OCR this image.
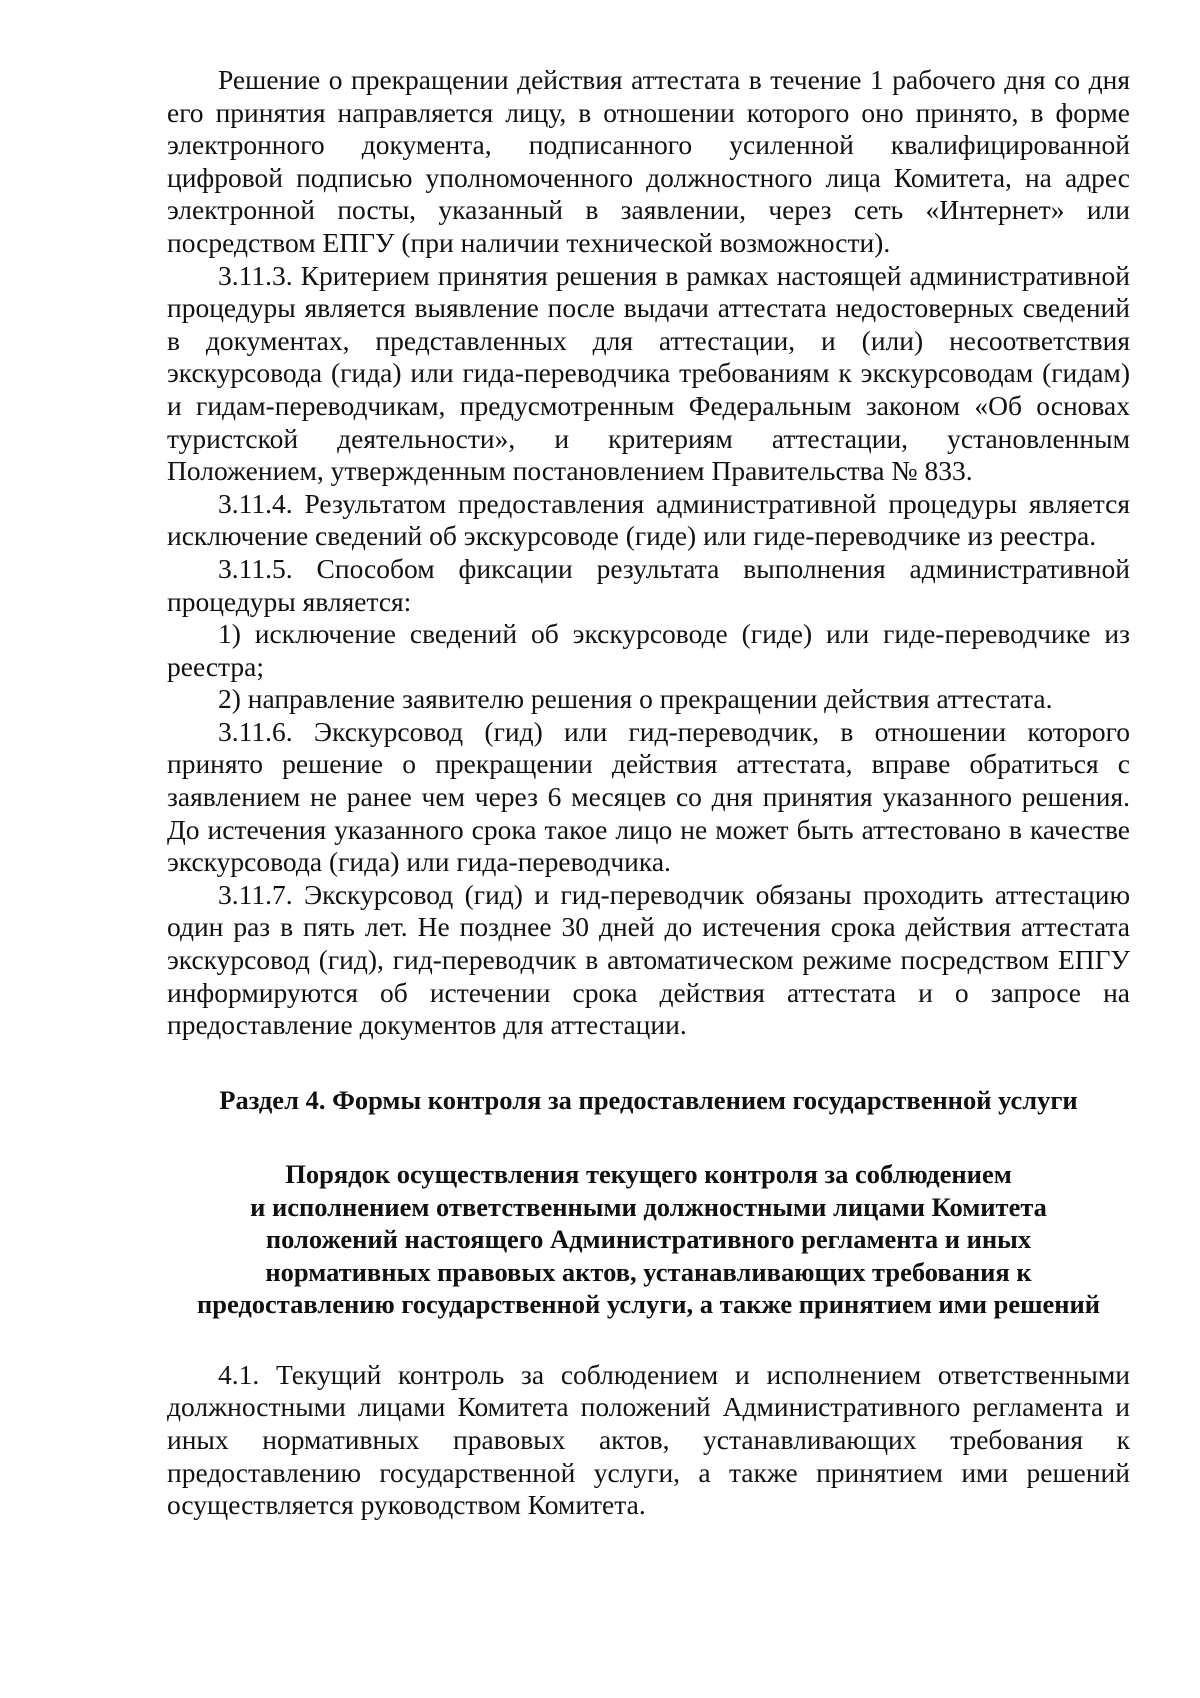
Решение о прекращении действия аттестата в течение 1 рабочего дня со дня его принятия направляется лицу, в отношении которого оно принято, в форме электронного документа, подписанного усиленной квалифицированной цифровой подписью уполномоченного должностного лица Комитета, на адрес электронной посты, указанный в заявлении, через сеть «Интернет» или посредством ЕПГУ (при наличии технической возможности).

3.11.3. Критерием принятия решения в рамках настоящей административной процедуры является выявление после выдачи аттестата недостоверных сведений в документах, представленных для аттестации, и (или) несоответствия экскурсовода (гида) или гида-переводчика требованиям к экскурсоводам (гидам) и гидам-переводчикам, предусмотренным Федеральным законом «Об основах туристской деятельности», и критериям аттестации, установленным Положением, утвержденным постановлением Правительства № 833.

3.11.4. Результатом предоставления административной процедуры является исключение сведений об экскурсоводе (гиде) или гиде-переводчике из реестра.

3.11.5. Способом фиксации результата выполнения административной процедуры является:

1) исключение сведений об экскурсоводе (гиде) или гиде-переводчике из реестра;

2) направление заявителю решения о прекращении действия аттестата.

3.11.6. Экскурсовод (гид) или гид-переводчик, в отношении которого принято решение о прекращении действия аттестата, вправе обратиться с заявлением не ранее чем через 6 месяцев со дня принятия указанного решения. До истечения указанного срока такое лицо не может быть аттестовано в качестве экскурсовода (гида) или гида-переводчика.

3.11.7. Экскурсовод (гид) и гид-переводчик обязаны проходить аттестацию один раз в пять лет. Не позднее 30 дней до истечения срока действия аттестата экскурсовод (гид), гид-переводчик в автоматическом режиме посредством ЕПГУ информируются об истечении срока действия аттестата и о запросе на предоставление документов для аттестации.

Раздел 4. Формы контроля за предоставлением государственной услуги
Порядок осуществления текущего контроля за соблюдением
и исполнением ответственными должностными лицами Комитета
положений настоящего Административного регламента и иных
нормативных правовых актов, устанавливающих требования к
предоставлению государственной услуги, а также принятием ими решений

4.1. Текущий контроль за соблюдением и исполнением ответственными должностными лицами Комитета положений Административного регламента и иных нормативных правовых актов, устанавливающих требования к предоставлению государственной услуги, а также принятием ими решений осуществляется руководством Комитета.
